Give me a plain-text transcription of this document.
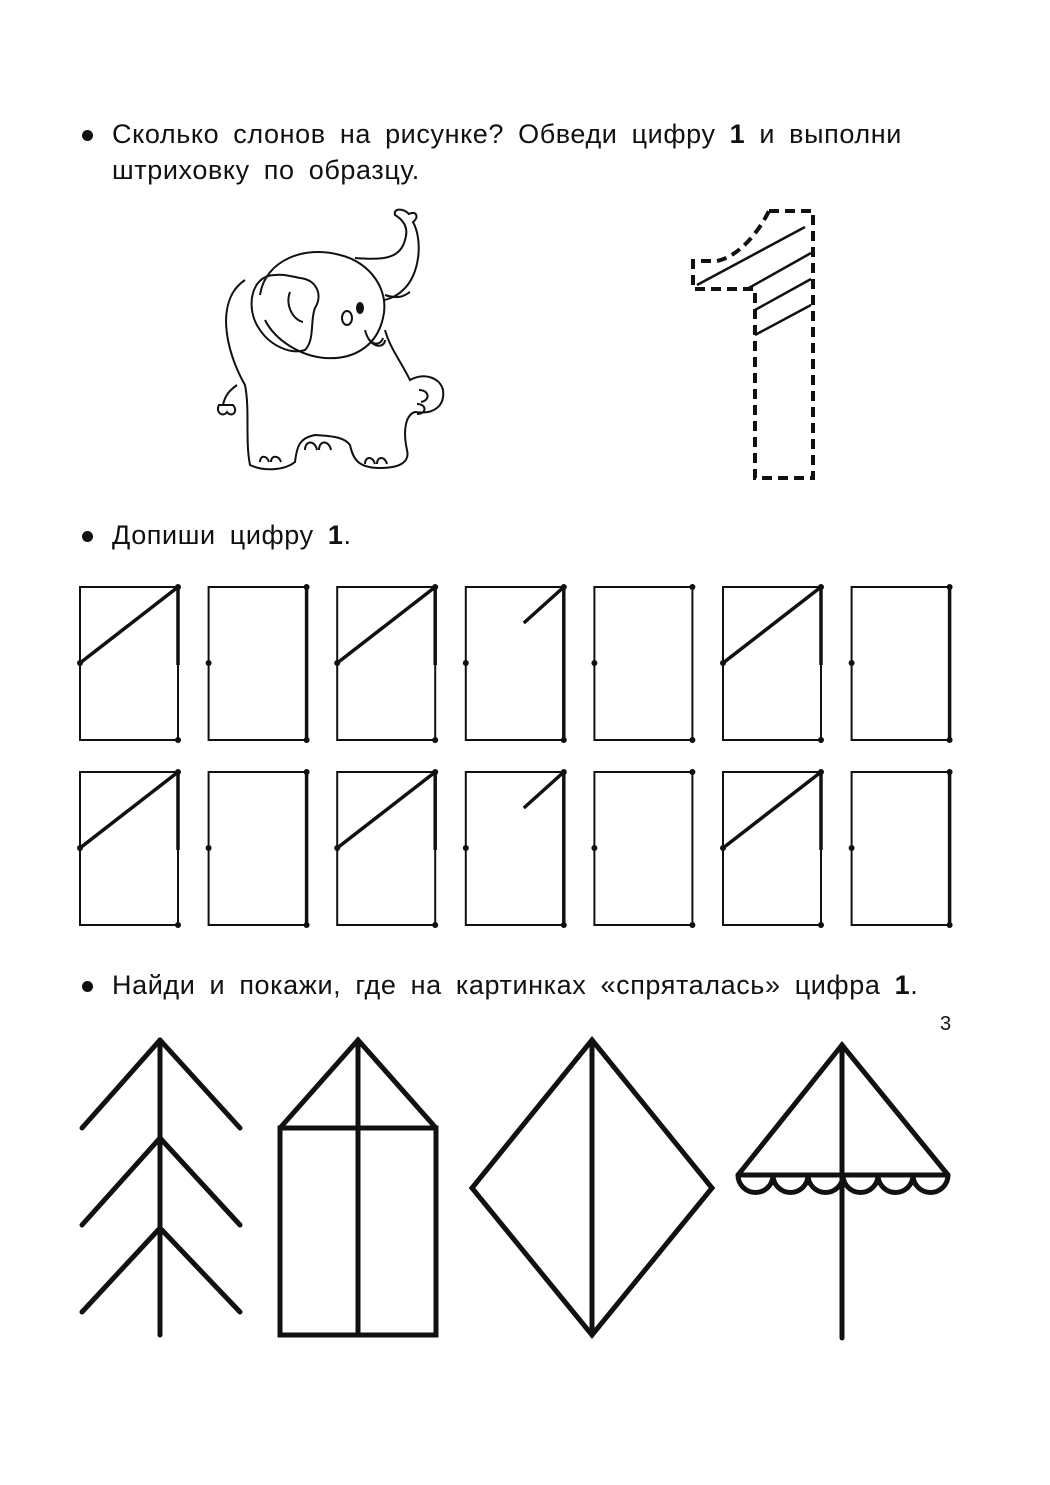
Сколько слонов на рисунке? Обведи цифру 1 и выполни штриховку по образцу.
Допиши цифру 1.
Найди и покажи, где на картинках «спряталась» цифра 1.
3
